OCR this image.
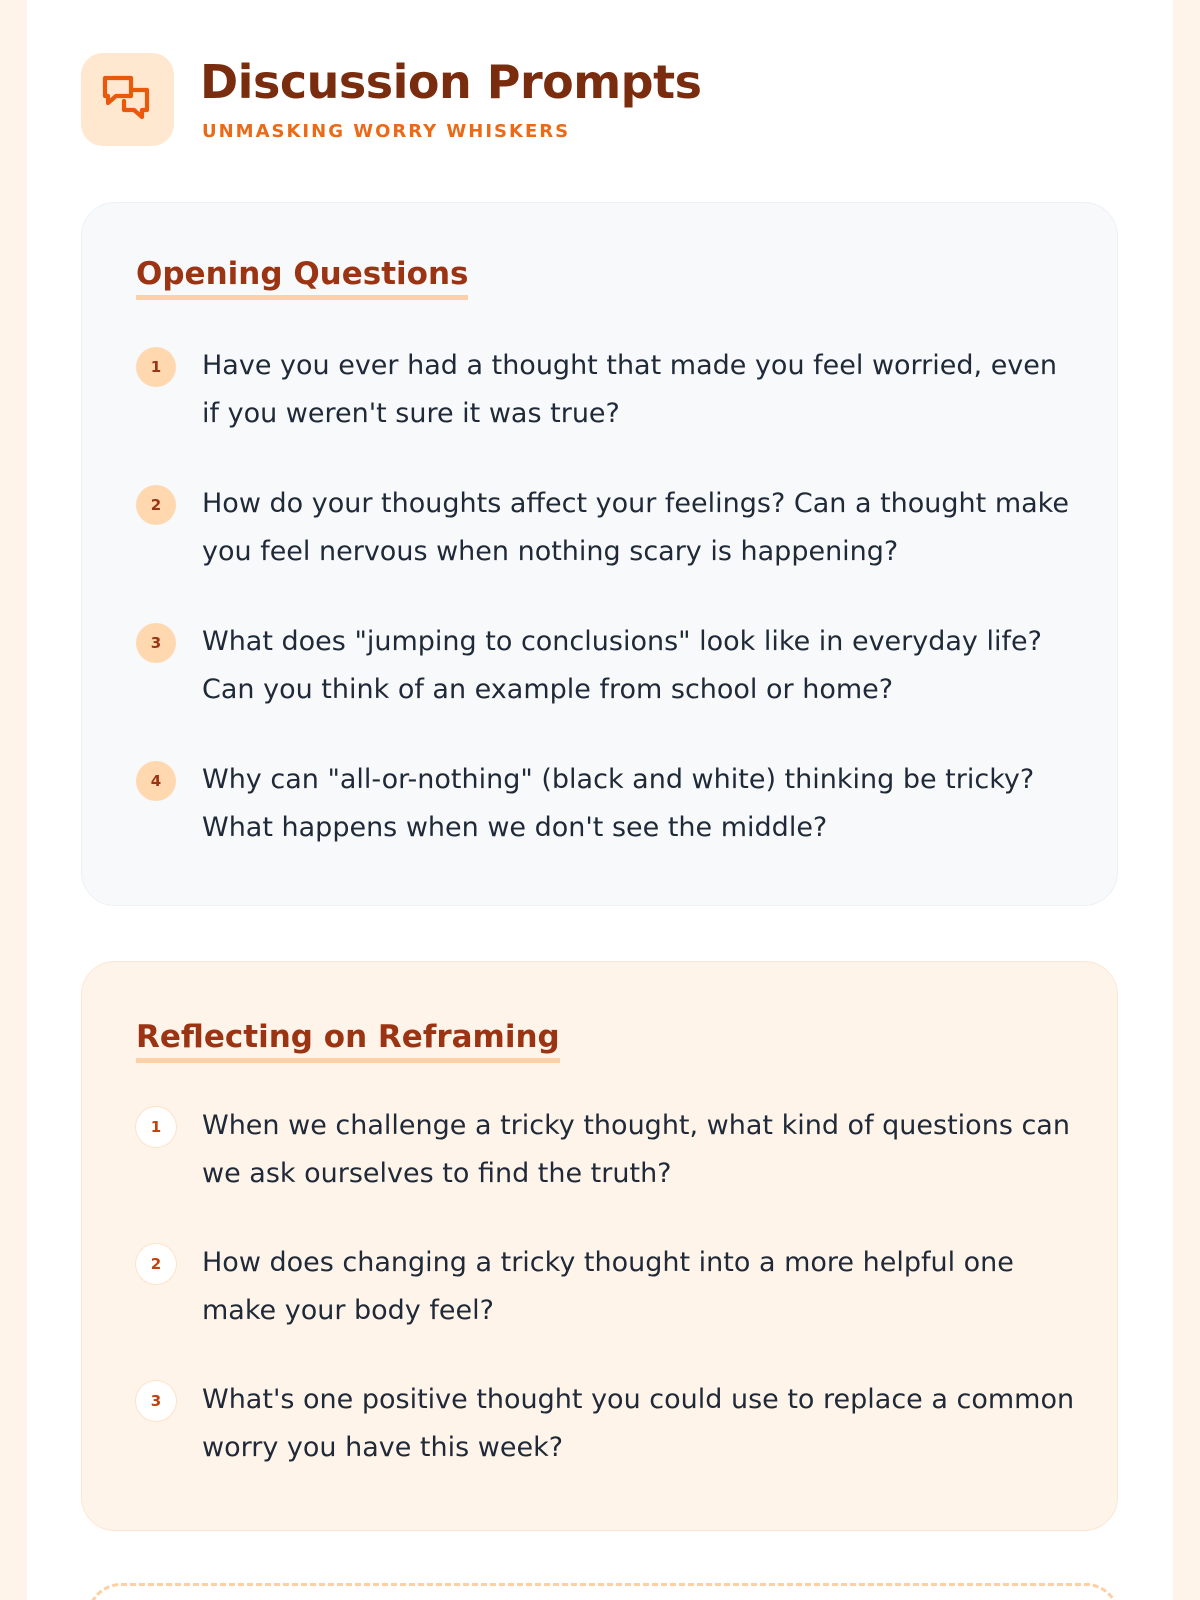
Discussion Prompts
UNMASKING WORRY WHISKERS
Opening Questions
1	Have you ever had a thought that made you feel worried, even if you weren't sure it was true?
2	How do your thoughts affect your feelings? Can a thought make you feel nervous when nothing scary is happening?
3	What does "jumping to conclusions" look like in everyday life? Can you think of an example from school or home?
4	Why can "all-or-nothing" (black and white) thinking be tricky? What happens when we don't see the middle?
Reflecting on Reframing
1	When we challenge a tricky thought, what kind of questions can we ask ourselves to find the truth?
2	How does changing a tricky thought into a more helpful one make your body feel?
3	What's one positive thought you could use to replace a common worry you have this week?
